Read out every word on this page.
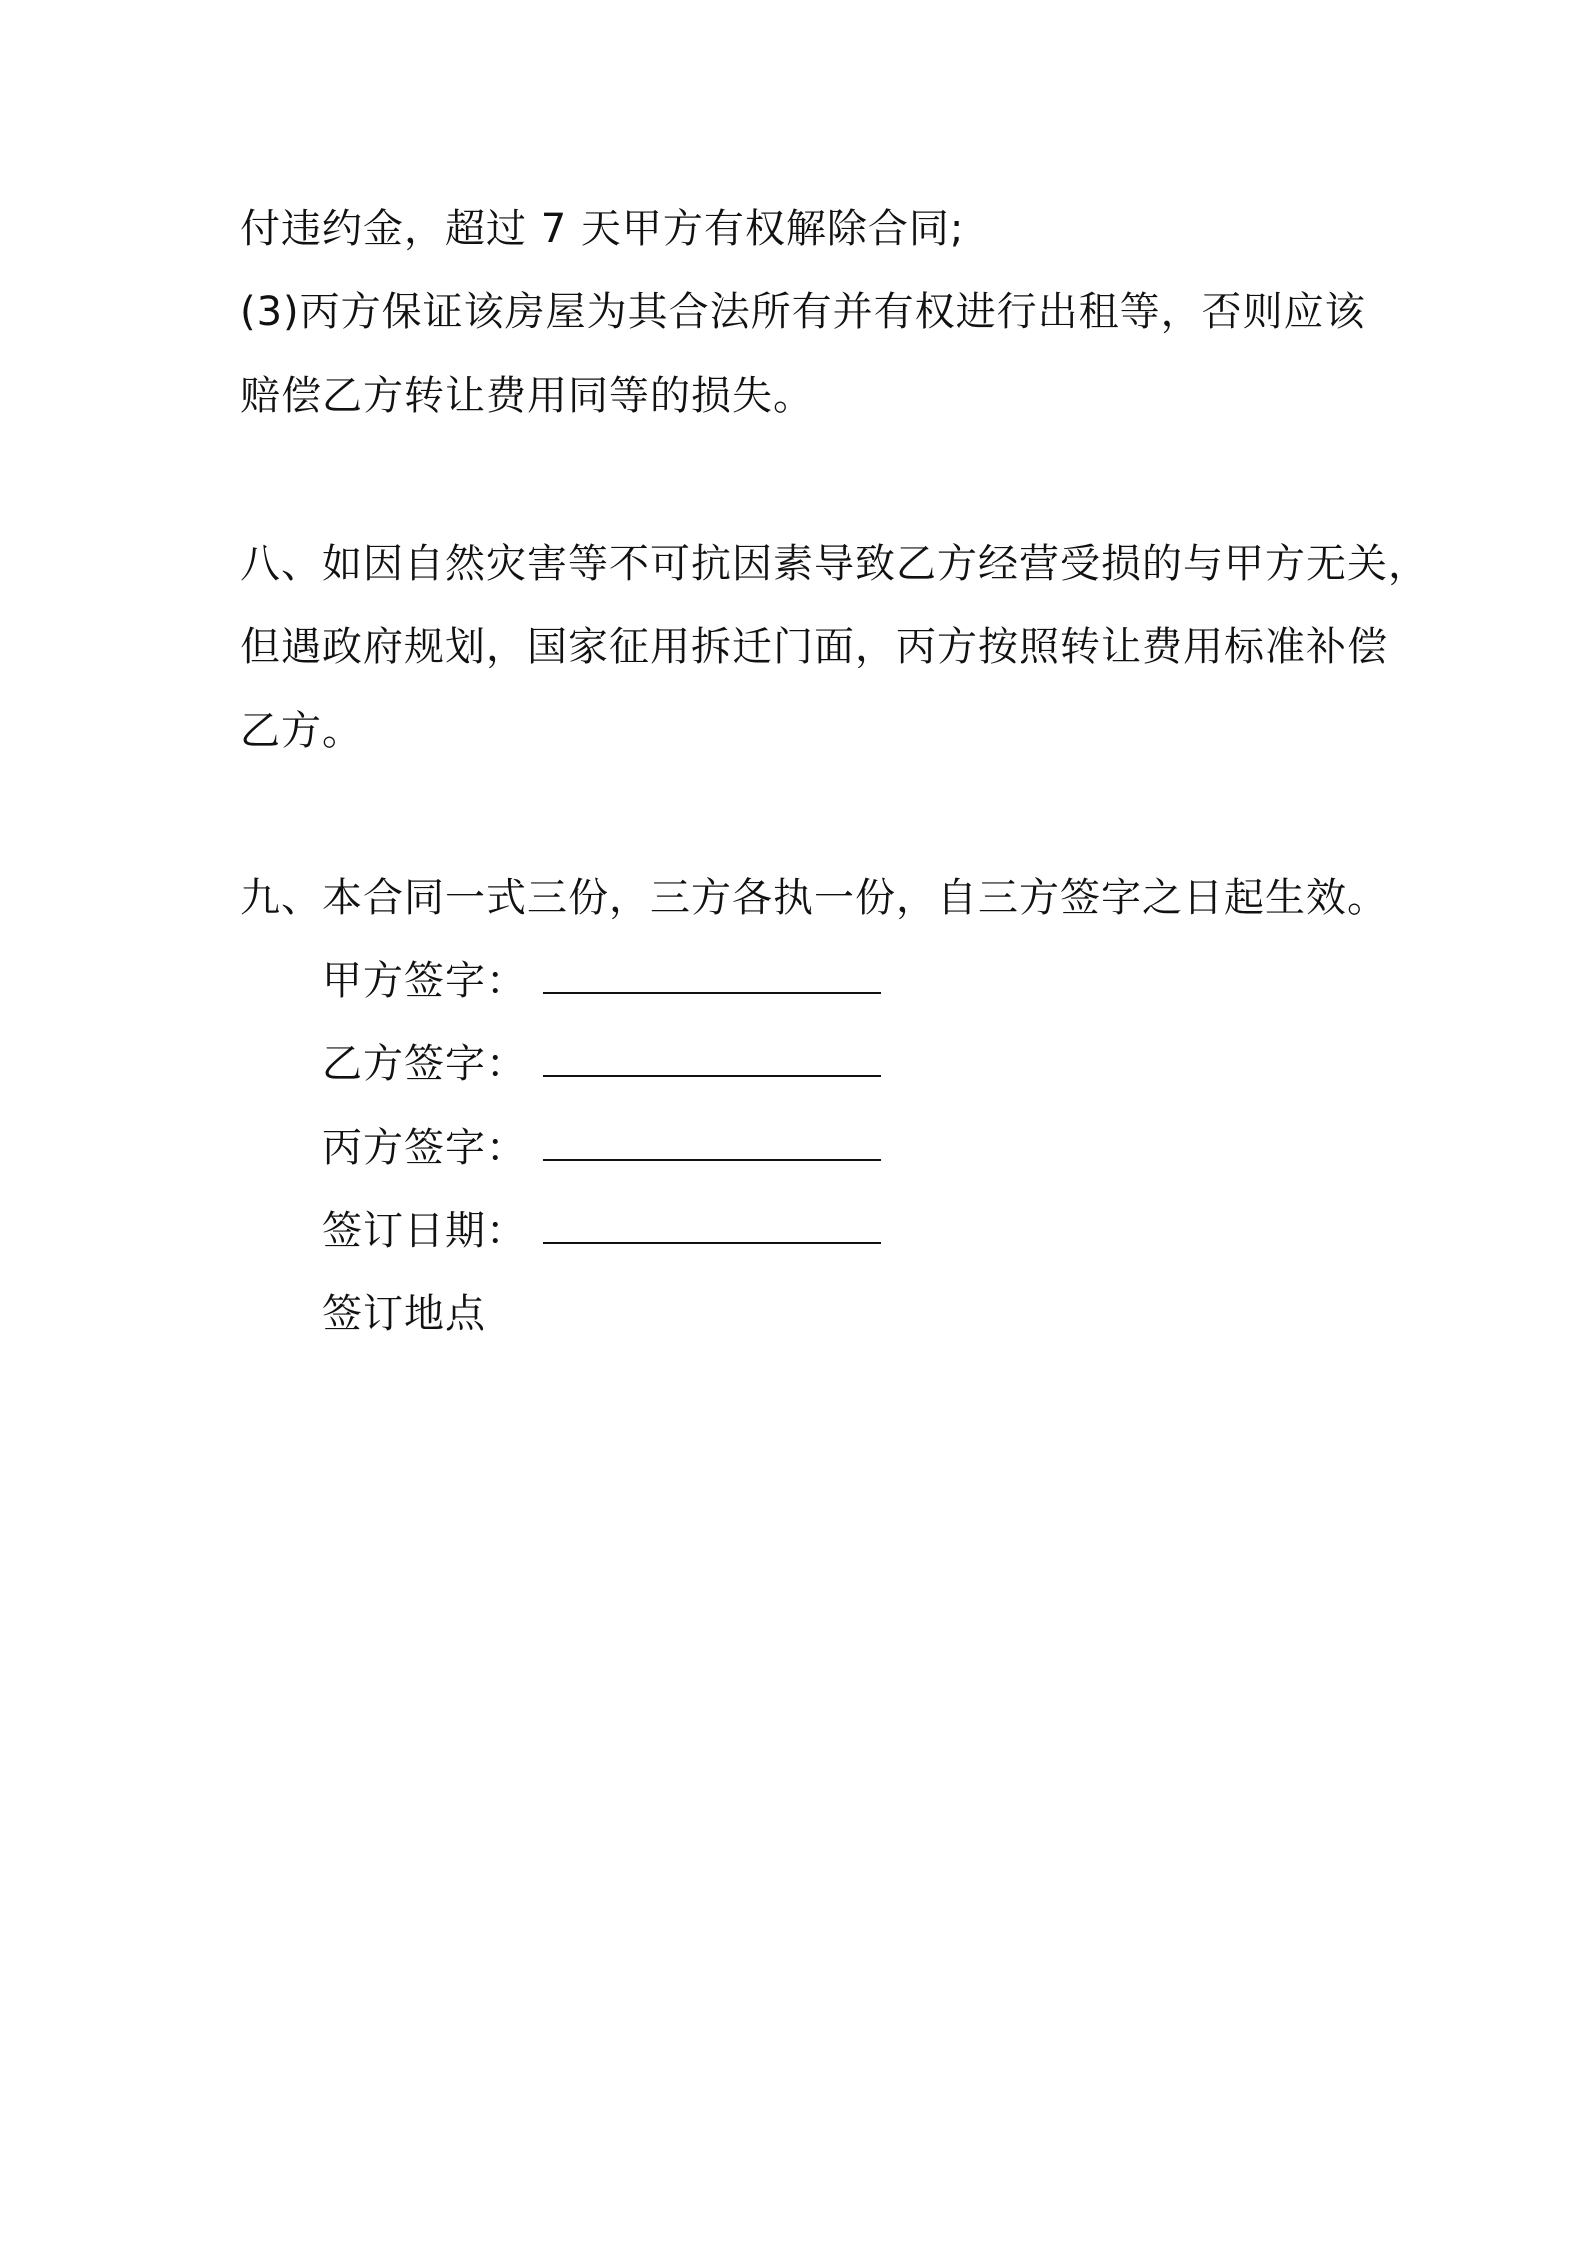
付违约金，超过 7 天甲方有权解除合同;
(3)丙方保证该房屋为其合法所有并有权进行出租等，否则应该
赔偿乙方转让费用同等的损失。
八、如因自然灾害等不可抗因素导致乙方经营受损的与甲方无关，
但遇政府规划，国家征用拆迁门面，丙方按照转让费用标准补偿
乙方。
九、本合同一式三份，三方各执一份，自三方签字之日起生效。
甲方签字：
乙方签字：
丙方签字：
签订日期：
签订地点
